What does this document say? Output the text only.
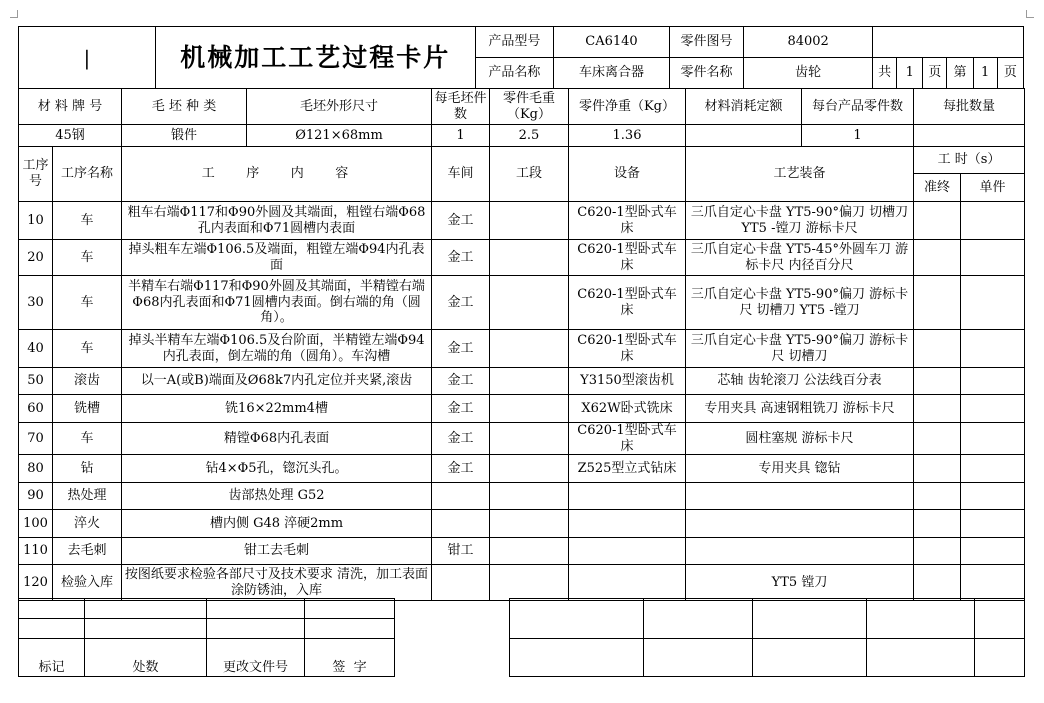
|	机械加工工艺过程卡片	产品型号	CA6140	零件图号	84002						
		产品名称	车床离合器	零件名称	齿轮	共	1	页	第	1	页
材 料 牌 号		毛 坯 种 类	毛坯外形尺寸	每毛坯件数	零件毛重（Kg）	零件净重（Kg）	材料消耗定额	每台产品零件数	每批数量	
45钢		锻件	Ø121×68mm	1	2.5	1.36		1		
工序号	工序名称	工    序    内    容		车间	工段	设备	工艺装备		工 时（s）	
									准终	单件
10	车	粗车右端Φ117和Φ90外圆及其端面，粗镗右端Φ68孔内表面和Φ71圆槽内表面		金工		C620-1型卧式车床	三爪自定心卡盘 YT5-90°偏刀 切槽刀 YT5 -镗刀 游标卡尺			
20	车	掉头粗车左端Φ106.5及端面，粗镗左端Φ94内孔表面		金工		C620-1型卧式车床	三爪自定心卡盘 YT5-45°外圆车刀 游标卡尺 内径百分尺			
30	车	半精车右端Φ117和Φ90外圆及其端面，半精镗右端Φ68内孔表面和Φ71圆槽内表面。倒右端的角（圆角）。		金工		C620-1型卧式车床	三爪自定心卡盘 YT5-90°偏刀 游标卡尺 切槽刀 YT5 -镗刀			
40	车	掉头半精车左端Φ106.5及台阶面，半精镗左端Φ94内孔表面，倒左端的角（圆角）。车沟槽		金工		C620-1型卧式车床	三爪自定心卡盘 YT5-90°偏刀 游标卡尺 切槽刀			
50	滚齿	以一A(或B)端面及Ø68k7内孔定位并夹紧,滚齿		金工		Y3150型滚齿机	芯轴 齿轮滚刀 公法线百分表			
60	铣槽	铣16×22mm4槽		金工		X62W卧式铣床	专用夹具 高速钢粗铣刀 游标卡尺			
70	车	精镗Φ68内孔表面		金工		C620-1型卧式车床	圆柱塞规 游标卡尺			
80	钻	钻4×Φ5孔，锪沉头孔。		金工		Z525型立式钻床	专用夹具 锪钻			
90	热处理	齿部热处理 G52								
100	淬火	槽内侧 G48 淬硬2mm								
110	去毛刺	钳工去毛刺		钳工						
120	检验入库	按图纸要求检验各部尺寸及技术要求 清洗，加工表面涂防锈油，入库					YT5 镗刀			

标记	处数	更改文件号	签  字						
